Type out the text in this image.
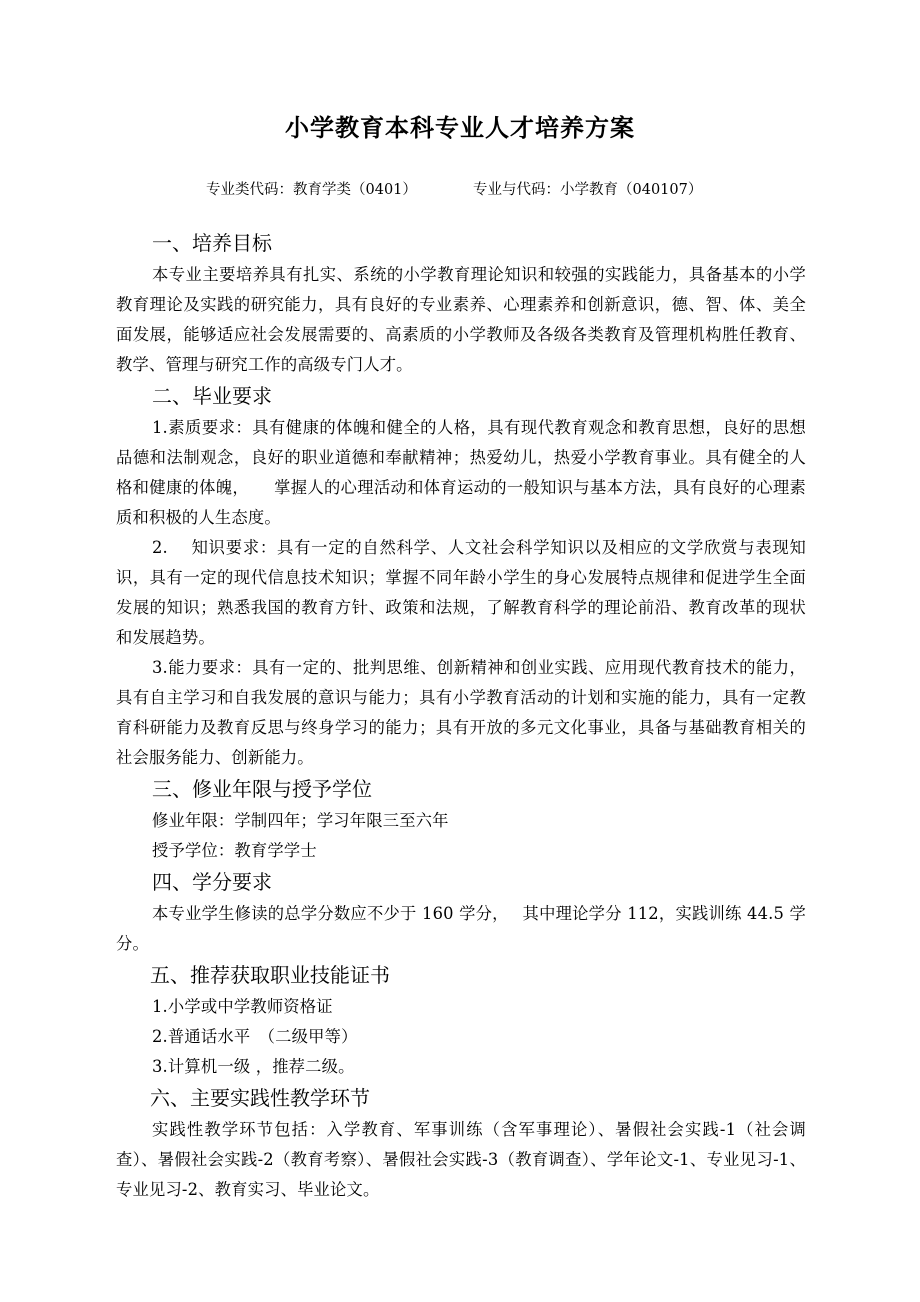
小学教育本科专业人才培养方案
专业类代码：教育学类（0401）	专业与代码：小学教育（040107）
一、培养目标

本专业主要培养具有扎实、系统的小学教育理论知识和较强的实践能力，具备基本的小学教育理论及实践的研究能力，具有良好的专业素养、心理素养和创新意识，德、智、体、美全面发展，能够适应社会发展需要的、高素质的小学教师及各级各类教育及管理机构胜任教育、教学、管理与研究工作的高级专门人才。

二、毕业要求

1.素质要求：具有健康的体魄和健全的人格，具有现代教育观念和教育思想，良好的思想品德和法制观念，良好的职业道德和奉献精神；热爱幼儿，热爱小学教育事业。具有健全的人格和健康的体魄，　　掌握人的心理活动和体育运动的一般知识与基本方法，具有良好的心理素质和积极的人生态度。

2.　 知识要求：具有一定的自然科学、人文社会科学知识以及相应的文学欣赏与表现知识，具有一定的现代信息技术知识；掌握不同年龄小学生的身心发展特点规律和促进学生全面发展的知识；熟悉我国的教育方针、政策和法规，了解教育科学的理论前沿、教育改革的现状和发展趋势。

3.能力要求：具有一定的、批判思维、创新精神和创业实践、应用现代教育技术的能力，具有自主学习和自我发展的意识与能力；具有小学教育活动的计划和实施的能力，具有一定教育科研能力及教育反思与终身学习的能力；具有开放的多元文化事业，具备与基础教育相关的社会服务能力、创新能力。

三、修业年限与授予学位

修业年限：学制四年；学习年限三至六年

授予学位：教育学学士

四、学分要求

本专业学生修读的总学分数应不少于 160 学分，　 其中理论学分 112，实践训练 44.5 学分。

五、推荐获取职业技能证书

1.小学或中学教师资格证

2.普通话水平　（二级甲等）

3.计算机一级 ，推荐二级。

六、主要实践性教学环节

实践性教学环节包括：入学教育、军事训练（含军事理论）、暑假社会实践-1（社会调查）、暑假社会实践-2（教育考察）、暑假社会实践-3（教育调查）、学年论文-1、专业见习-1、专业见习-2、教育实习、毕业论文。
